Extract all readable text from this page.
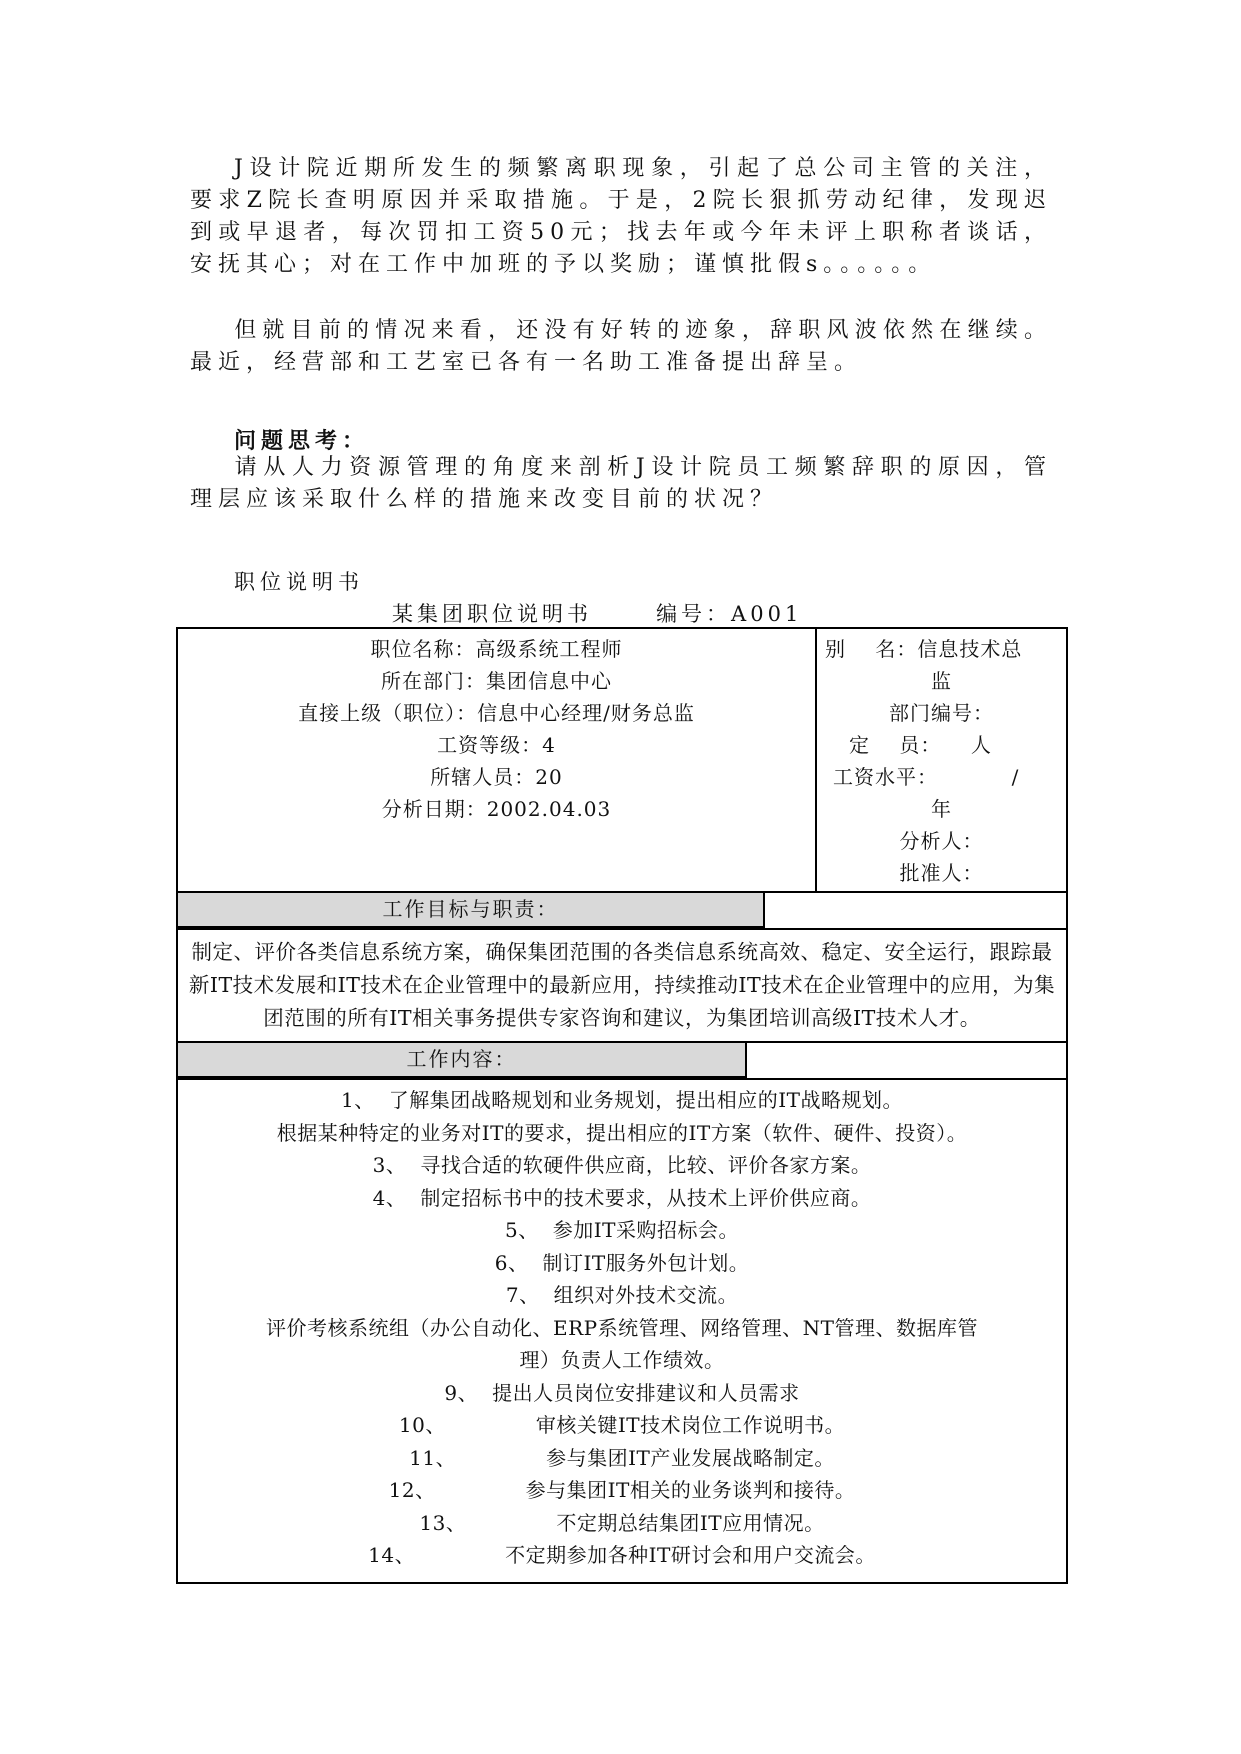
J设计院近期所发生的频繁离职现象，引起了总公司主管的关注，要求Z院长查明原因并采取措施。于是，2院长狠抓劳动纪律，发现迟到或早退者，每次罚扣工资50元；找去年或今年未评上职称者谈话，安抚其心；对在工作中加班的予以奖励；谨慎批假s。。。。。。

但就目前的情况来看，还没有好转的迹象，辞职风波依然在继续。最近，经营部和工艺室已各有一名助工准备提出辞呈。

问题思考：

请从人力资源管理的角度来剖析J设计院员工频繁辞职的原因，管理层应该采取什么样的措施来改变目前的状况？

职位说明书

某集团职位说明书	编号：A001

职位名称：高级系统工程师
所在部门：集团信息中心
直接上级（职位）：信息中心经理/财务总监
工资等级：4
所辖人员：20
分析日期：2002.04.03

别    名：信息技术总
监
部门编号：
定    员：    人
工资水平：          /
年
分析人：
批准人：

工作目标与职责：

制定、评价各类信息系统方案，确保集团范围的各类信息系统高效、稳定、安全运行，跟踪最新IT技术发展和IT技术在企业管理中的最新应用，持续推动IT技术在企业管理中的应用，为集团范围的所有IT相关事务提供专家咨询和建议，为集团培训高级IT技术人才。

工作内容：

1、 了解集团战略规划和业务规划，提出相应的IT战略规划。
根据某种特定的业务对IT的要求，提出相应的IT方案（软件、硬件、投资）。
3、 寻找合适的软硬件供应商，比较、评价各家方案。
4、 制定招标书中的技术要求，从技术上评价供应商。
5、 参加IT采购招标会。
6、 制订IT服务外包计划。
7、 组织对外技术交流。
评价考核系统组（办公自动化、ERP系统管理、网络管理、NT管理、数据库管
理）负责人工作绩效。
9、 提出人员岗位安排建议和人员需求
10、	审核关键IT技术岗位工作说明书。
11、	参与集团IT产业发展战略制定。
12、	参与集团IT相关的业务谈判和接待。
13、	不定期总结集团IT应用情况。
14、	不定期参加各种IT研讨会和用户交流会。
